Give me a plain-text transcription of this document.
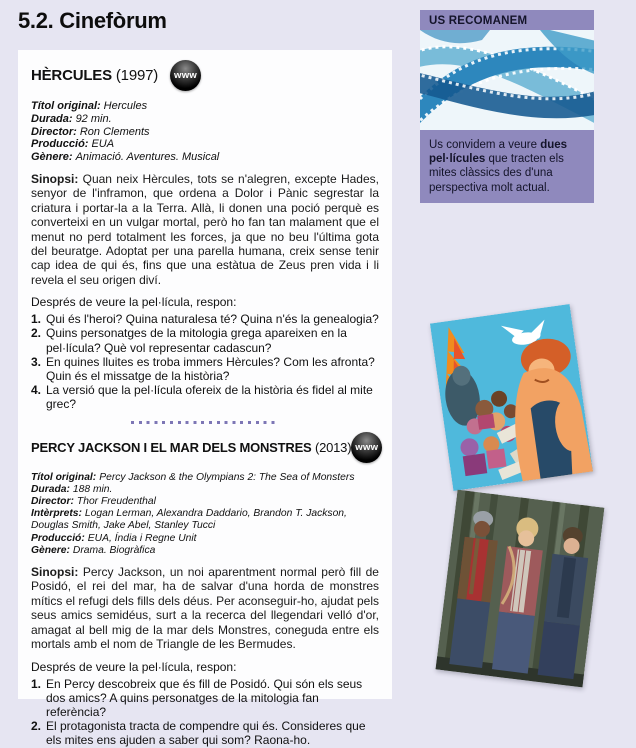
5.2. Cinefòrum
HÈRCULES (1997) www
Títol original: Hercules
Durada: 92 min.
Director: Ron Clements
Producció: EUA
Gènere: Animació. Aventures. Musical

Sinopsi: Quan neix Hèrcules, tots se n'alegren, excepte Hades, senyor de l'inframon, que ordena a Dolor i Pànic segrestar la criatura i portar-la a la Terra. Allà, li donen una poció perquè es converteixi en un vulgar mortal, però ho fan tan malament que el menut no perd totalment les forces, ja que no beu l'última gota del beuratge. Adoptat per una parella humana, creix sense tenir cap idea de qui és, fins que una estàtua de Zeus pren vida i li revela el seu origen diví.

Després de veure la pel·lícula, respon:

1. Qui és l'heroi? Quina naturalesa té? Quina n'és la genealogia?
2. Quins personatges de la mitologia grega apareixen en la pel·lícula? Què vol representar cadascun?
3. En quines lluites es troba immers Hèrcules? Com les afronta? Quin és el missatge de la història?
4. La versió que la pel·lícula ofereix de la història és fidel al mite grec?
PERCY JACKSON I EL MAR DELS MONSTRES (2013) www
Títol original: Percy Jackson & the Olympians 2: The Sea of Monsters
Durada: 188 min.
Director: Thor Freudenthal
Intèrprets: Logan Lerman, Alexandra Daddario, Brandon T. Jackson, Douglas Smith, Jake Abel, Stanley Tucci
Producció: EUA, Índia i Regne Unit
Gènere: Drama. Biogràfica

Sinopsi: Percy Jackson, un noi aparentment normal però fill de Posidó, el rei del mar, ha de salvar d'una horda de monstres mítics el refugi dels fills dels déus. Per aconseguir-ho, ajudat pels seus amics semidéus, surt a la recerca del llegendari velló d'or, amagat al bell mig de la mar dels Monstres, coneguda entre els mortals amb el nom de Triangle de les Bermudes.

Després de veure la pel·lícula, respon:

1. En Percy descobreix que és fill de Posidó. Qui són els seus dos amics? A quins personatges de la mitologia fan referència?
2. El protagonista tracta de compendre qui és. Consideres que els mites ens ajuden a saber qui som? Raona-ho.
US RECOMANEM

Us convidem a veure dues pel·lícules que tracten els mites clàssics des d'una perspectiva molt actual.
